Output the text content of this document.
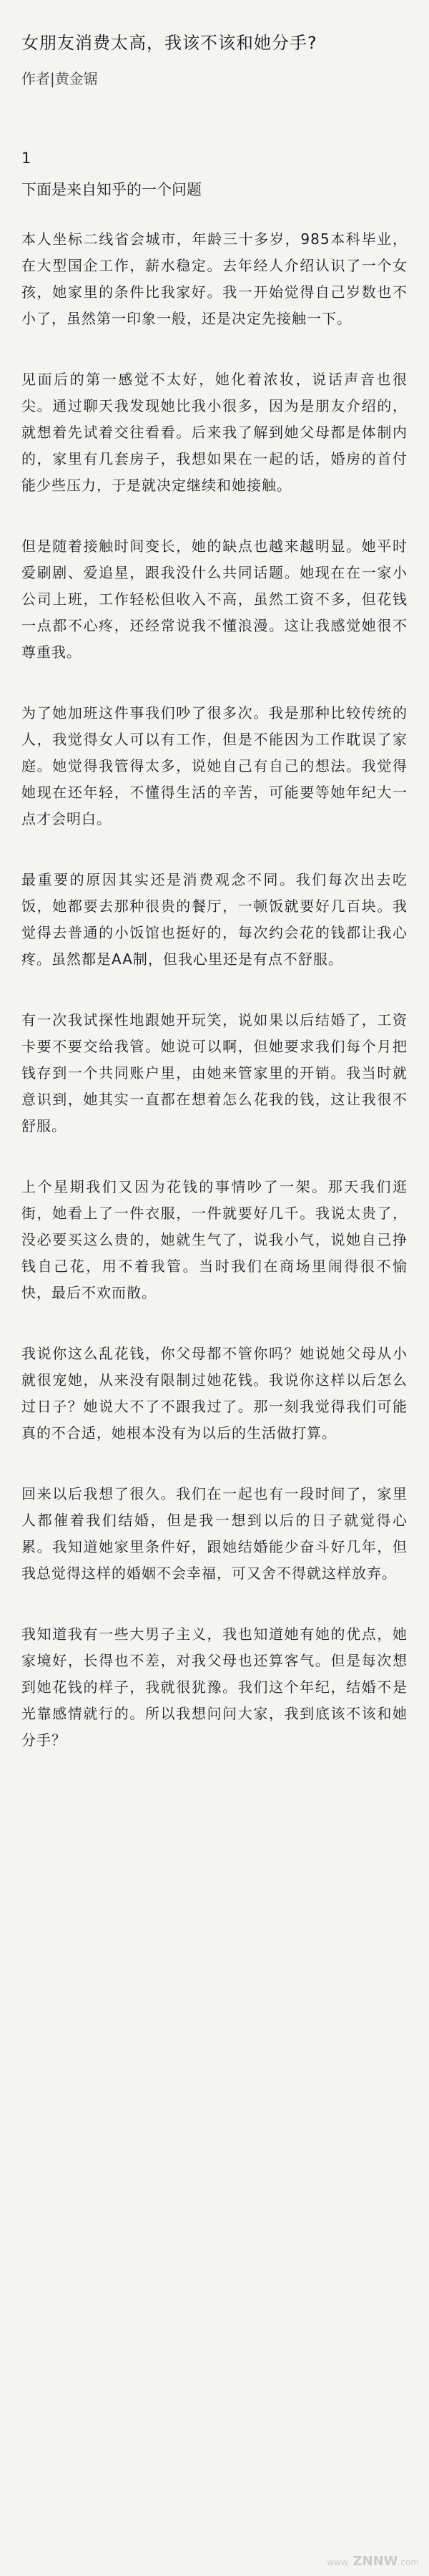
女朋友消费太高，我该不该和她分手?

作者|黄金锯

1
下面是来自知乎的一个问题

本人坐标二线省会城市，年龄三十多岁，985本科毕业，在大型国企工作，薪水稳定。去年经人介绍认识了一个女孩，她家里的条件比我家好。我一开始觉得自己岁数也不小了，虽然第一印象一般，还是决定先接触一下。

见面后的第一感觉不太好，她化着浓妆，说话声音也很尖。通过聊天我发现她比我小很多，因为是朋友介绍的，就想着先试着交往看看。后来我了解到她父母都是体制内的，家里有几套房子，我想如果在一起的话，婚房的首付能少些压力，于是就决定继续和她接触。

但是随着接触时间变长，她的缺点也越来越明显。她平时爱刷剧、爱追星，跟我没什么共同话题。她现在在一家小公司上班，工作轻松但收入不高，虽然工资不多，但花钱一点都不心疼，还经常说我不懂浪漫。这让我感觉她很不尊重我。

为了她加班这件事我们吵了很多次。我是那种比较传统的人，我觉得女人可以有工作，但是不能因为工作耽误了家庭。她觉得我管得太多，说她自己有自己的想法。我觉得她现在还年轻，不懂得生活的辛苦，可能要等她年纪大一点才会明白。

最重要的原因其实还是消费观念不同。我们每次出去吃饭，她都要去那种很贵的餐厅，一顿饭就要好几百块。我觉得去普通的小饭馆也挺好的，每次约会花的钱都让我心疼。虽然都是AA制，但我心里还是有点不舒服。

有一次我试探性地跟她开玩笑，说如果以后结婚了，工资卡要不要交给我管。她说可以啊，但她要求我们每个月把钱存到一个共同账户里，由她来管家里的开销。我当时就意识到，她其实一直都在想着怎么花我的钱，这让我很不舒服。

上个星期我们又因为花钱的事情吵了一架。那天我们逛街，她看上了一件衣服，一件就要好几千。我说太贵了，没必要买这么贵的，她就生气了，说我小气，说她自己挣钱自己花，用不着我管。当时我们在商场里闹得很不愉快，最后不欢而散。

我说你这么乱花钱，你父母都不管你吗？她说她父母从小就很宠她，从来没有限制过她花钱。我说你这样以后怎么过日子？她说大不了不跟我过了。那一刻我觉得我们可能真的不合适，她根本没有为以后的生活做打算。

回来以后我想了很久。我们在一起也有一段时间了，家里人都催着我们结婚，但是我一想到以后的日子就觉得心累。我知道她家里条件好，跟她结婚能少奋斗好几年，但我总觉得这样的婚姻不会幸福，可又舍不得就这样放弃。

我知道我有一些大男子主义，我也知道她有她的优点，她家境好，长得也不差，对我父母也还算客气。但是每次想到她花钱的样子，我就很犹豫。我们这个年纪，结婚不是光靠感情就行的。所以我想问问大家，我到底该不该和她分手？

www. ZNNW.com
